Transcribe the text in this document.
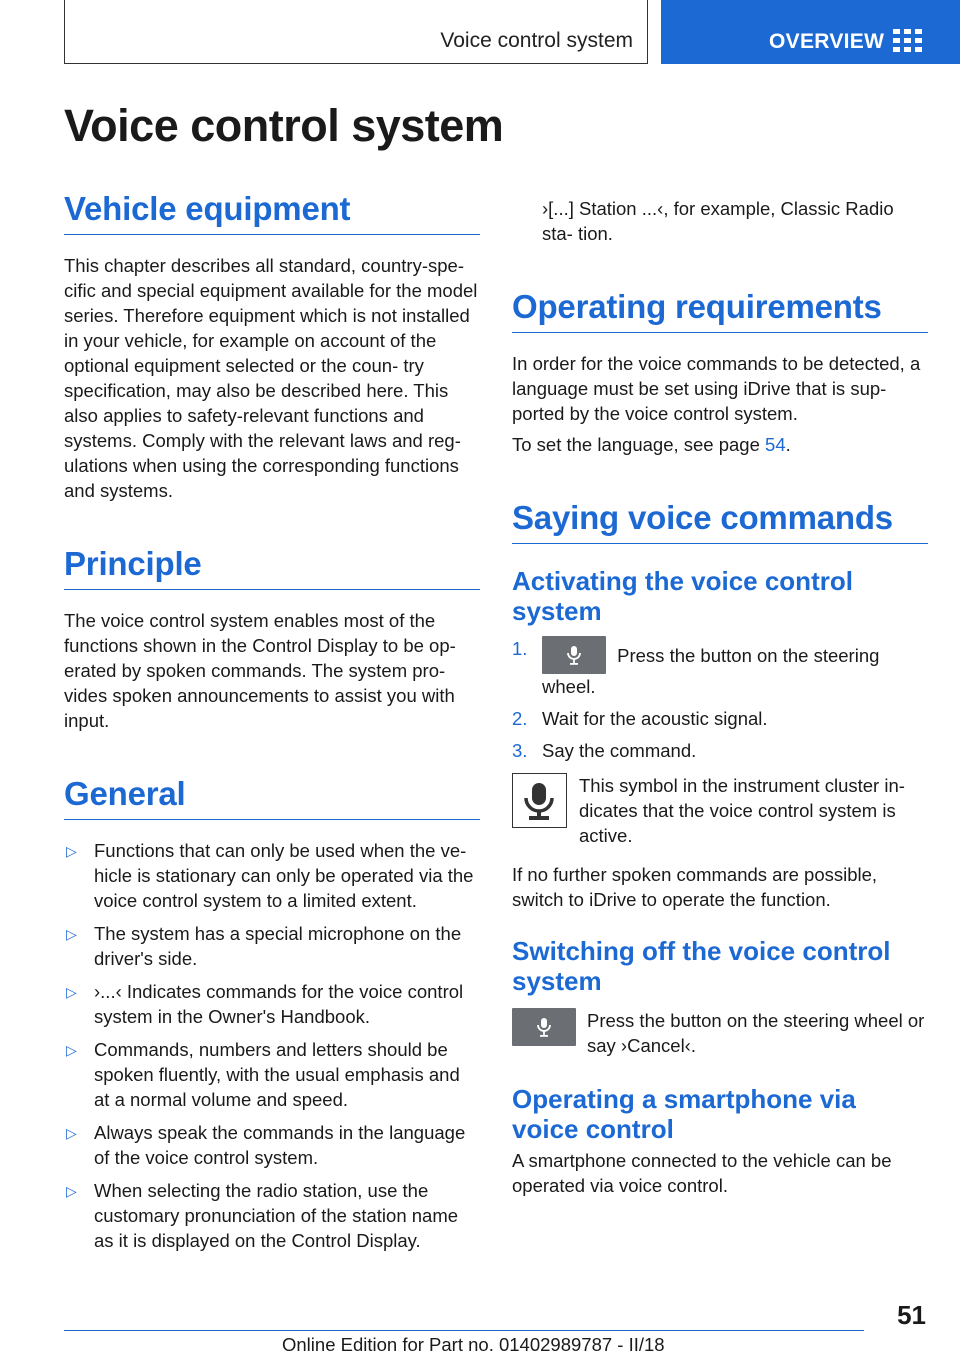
Voice control system	OVERVIEW
Voice control system
Vehicle equipment

This chapter describes all standard, country-spe‐ cific and special equipment available for the model series. Therefore equipment which is not installed in your vehicle, for example on account of the optional equipment selected or the coun‐ try specification, may also be described here. This also applies to safety-relevant functions and systems. Comply with the relevant laws and reg‐ ulations when using the corresponding functions and systems.

Principle

The voice control system enables most of the functions shown in the Control Display to be op‐ erated by spoken commands. The system pro‐ vides spoken announcements to assist you with input.

General
▷ Functions that can only be used when the ve‐ hicle is stationary can only be operated via the voice control system to a limited extent.
▷ The system has a special microphone on the driver's side.
▷ ›...‹ Indicates commands for the voice control system in the Owner's Handbook.
▷ Commands, numbers and letters should be spoken fluently, with the usual emphasis and at a normal volume and speed.
▷ Always speak the commands in the language of the voice control system.
▷ When selecting the radio station, use the customary pronunciation of the station name as it is displayed on the Control Display.

›[...] Station ...‹, for example, Classic Radio sta‐ tion.

Operating requirements

In order for the voice commands to be detected, a language must be set using iDrive that is sup‐ ported by the voice control system.

To set the language, see page 54.

Saying voice commands
Activating the voice control system
1.	Press the button on the steering wheel.
2. Wait for the acoustic signal.
3. Say the command.

This symbol in the instrument cluster in‐ dicates that the voice control system is active.

If no further spoken commands are possible, switch to iDrive to operate the function.

Switching off the voice control system

Press the button on the steering wheel or say ›Cancel‹.

Operating a smartphone via voice control

A smartphone connected to the vehicle can be operated via voice control.

51
Online Edition for Part no. 01402989787 - II/18
